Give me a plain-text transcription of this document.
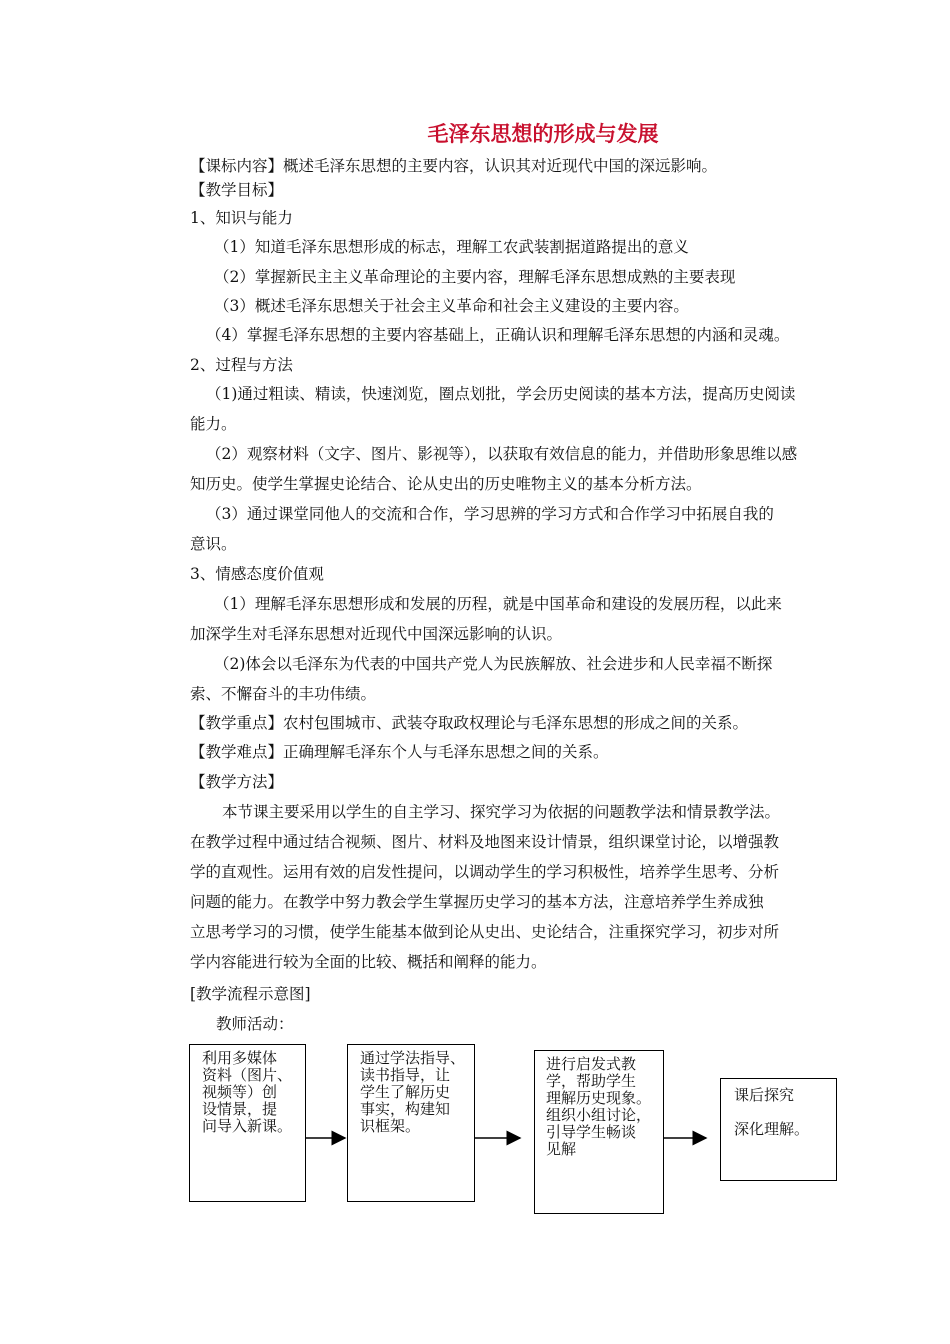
毛泽东思想的形成与发展
【课标内容】概述毛泽东思想的主要内容，认识其对近现代中国的深远影响。
【教学目标】
1、知识与能力
（1）知道毛泽东思想形成的标志，理解工农武装割据道路提出的意义
（2）掌握新民主主义革命理论的主要内容，理解毛泽东思想成熟的主要表现
（3）概述毛泽东思想关于社会主义革命和社会主义建设的主要内容。
（4）掌握毛泽东思想的主要内容基础上，正确认识和理解毛泽东思想的内涵和灵魂。
2、过程与方法
（1)通过粗读、精读，快速浏览，圈点划批，学会历史阅读的基本方法，提高历史阅读
能力。
（2）观察材料（文字、图片、影视等），以获取有效信息的能力，并借助形象思维以感
知历史。使学生掌握史论结合、论从史出的历史唯物主义的基本分析方法。
（3）通过课堂同他人的交流和合作，学习思辨的学习方式和合作学习中拓展自我的
意识。
3、情感态度价值观
（1）理解毛泽东思想形成和发展的历程，就是中国革命和建设的发展历程，以此来
加深学生对毛泽东思想对近现代中国深远影响的认识。
（2)体会以毛泽东为代表的中国共产党人为民族解放、社会进步和人民幸福不断探
索、不懈奋斗的丰功伟绩。
【教学重点】农村包围城市、武装夺取政权理论与毛泽东思想的形成之间的关系。
【教学难点】正确理解毛泽东个人与毛泽东思想之间的关系。
【教学方法】
本节课主要采用以学生的自主学习、探究学习为依据的问题教学法和情景教学法。
在教学过程中通过结合视频、图片、材料及地图来设计情景，组织课堂讨论，以增强教
学的直观性。运用有效的启发性提问，以调动学生的学习积极性，培养学生思考、分析
问题的能力。在教学中努力教会学生掌握历史学习的基本方法，注意培养学生养成独
立思考学习的习惯，使学生能基本做到论从史出、史论结合，注重探究学习，初步对所
学内容能进行较为全面的比较、概括和阐释的能力。
[教学流程示意图]
教师活动：
利用多媒体
资料（图片、
视频等）创
设情景，提
问导入新课。
通过学法指导、
读书指导，让
学生了解历史
事实，构建知
识框架。
进行启发式教
学，帮助学生
理解历史现象。
组织小组讨论，
引导学生畅谈
见解
课后探究

深化理解。
